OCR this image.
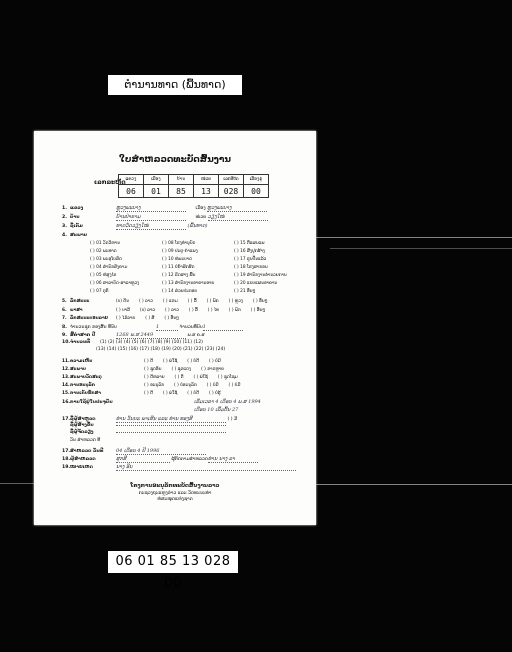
ຕຳນານທາດ (ພື້ນທາດ)
ໃບສຳຫລວດທະບັດສົ້ນງານ
ເລກລະຫັດ ແຂວງ	ເມືອງ	ບ້ານ	ໜ່ວຍ	ເລກທີບັດ	ເລືອງຄູ່
06	01	85	13	028	00
1. ແຂວງ	ຫຼວງພະບາງ	ເມືອງ ຫຼວງພະບາງ
2. ບ້ານ	ບ້ານປ່າຂາມ	ໜ່ວຍ ວຽງໃໝ່
3. ຊື່ເຕັມ	ທາດວັດວຽງໃໝ່	(ພື້ນທາດ)
4. ສະພາບ
( ) 01 ວັດວິຫານ
( ) 02 ພະທາດ
( ) 03 ພະອຸໂບສົດ
( ) 04 ສຳນັກສົງຄາມ
( ) 05 ຫໍສູງໄຕ
( ) 06 ສາລາບັດ-ສາລາຫຼວງ
( ) 07 ກຸຕິ
( ) 08 ໂຮງທຳນຸບົດ
( ) 09 ປະຕູ-ກຳແພງ
( ) 10 ຫໍພະບາດ
( ) 11 ບໍ່ນ້ຳສັກສິດ
( ) 12 ຮົດສາງ ພື້ນ
( ) 13 ສຳນັກງານອາຄານອາຍ
( ) 14 ສ່ວນປະກອບ
( ) 15 ກີ່ແຜນແພ
( ) 16 ສີ່ງປູກສ້າງ
( ) 17 ຮູບປັ້ນແລ້ວ
( ) 18 ໂຮງສາກອນ
( ) 19 ສຳນັກງານອຳນວຍການ
( ) 20 ແບບແຜນອາຄານ
( ) 21 ອື່ນໆ
5. ລັກສະນະ	(x) ດິນ ( ) ລາວ ( ) ແຂມ ( ) ລື້ ( ) ພັກ ( ) ຫຼວງ ( ) ອື່ນໆ
6. ພາສາ	( ) ບາລີ (x) ລາວ ( ) ລາວ ( ) ລື້ ( ) ໄທ ( ) ພັກ ( ) ອື່ນໆ
7. ລັກສະນະບອນລາຍ ( ) ໄມ້ລາຍ ( ) ສີ ( ) ອື່ນໆ
8. ຈຳນວນຊຸກ ຂອງສີ້ນ ທີ່ນັບ	1	ຈຳນວນທີ່ນັບ1
9. ສີ້ຄຳສາກ ປີ	1268 ພ.ສ 2449	ພ.ສ ຄ.ສ
10.ຈຳນວນທີ່ (1) (2) (3) (4) (5) (6) (7) (8) (9) (10) (11) (12)
(13) (14) (15) (16) (17) (18) (19) (20) (21) (22) (23) (24)
11.ຄວາມເຫັນ	( ) ດີ ( ) ພໍໃຊ້ ( ) ບໍ່ດີ ( ) ບໍ່ມີ
12.ສະພາບ	( ) ຊຸດອິນ ( ) ຊຸດແດງ ( ) ຂາດຫຼາຍ
13.ສະພາບວັດສະດຸ	( ) ດີຫລາຍ ( ) ດີ ( ) ພໍໃຊ້ ( ) ຊຸດໂຊມ
14.ການອະນຸລັກ	( ) ອະນຸລັກ ( ) ບໍ່ອະນຸລັກ ( ) ບໍ່ມີ ( ) ບໍ່ມີ
15.ການເກັບຮັກສາ	( ) ດີ ( ) ພໍໃຊ້ ( ) ບໍ່ດີ ( ) ບໍ່ຮູ້
16.ການໃຊ້ຢູ່ໃນປະຈຸບັນ	ເລີ່ມເວລາ 4 ເດືອນ 4 ພ.ສ 1994
ເດືອນ 10 ເລີ້ມຕົ້ນ 27
17.ຊື່ຜູ້ສຳຫຼວດ	ທ່ານ ວັນນະ ພາເສີນ ແລະ ທ່ານ ທອງສີ	( ) ມີ
ຊື່ຜູ້ສ້າງຂຶ້ນ
ຊື່ຜູ້ຈັດລຽງ
ວັນ ສຳຫລວດ ທີ
17.ສຳຫລວດ ວັນທີ	04 ເດືອນ 4 ປີ 1996
18.ຜູ້ສຳຫລວດ	ສຸກສີ	ຜູ້ຕິດຕາມສຳຫລວດທ່ານ ນາງ ລາ
19.ໝາຍເຫດ	ນາງ ອີນ
ໂຄງການອະນຸລັກທະບັດສົ້ນງານລາວ
ກະຊວງຖະແຫຼງຂ່າວ ແລະ ວັດທະນະທຳ
ຫໍສະໝຸດແຫ່ງຊາດ
06 01 85 13 028 00
